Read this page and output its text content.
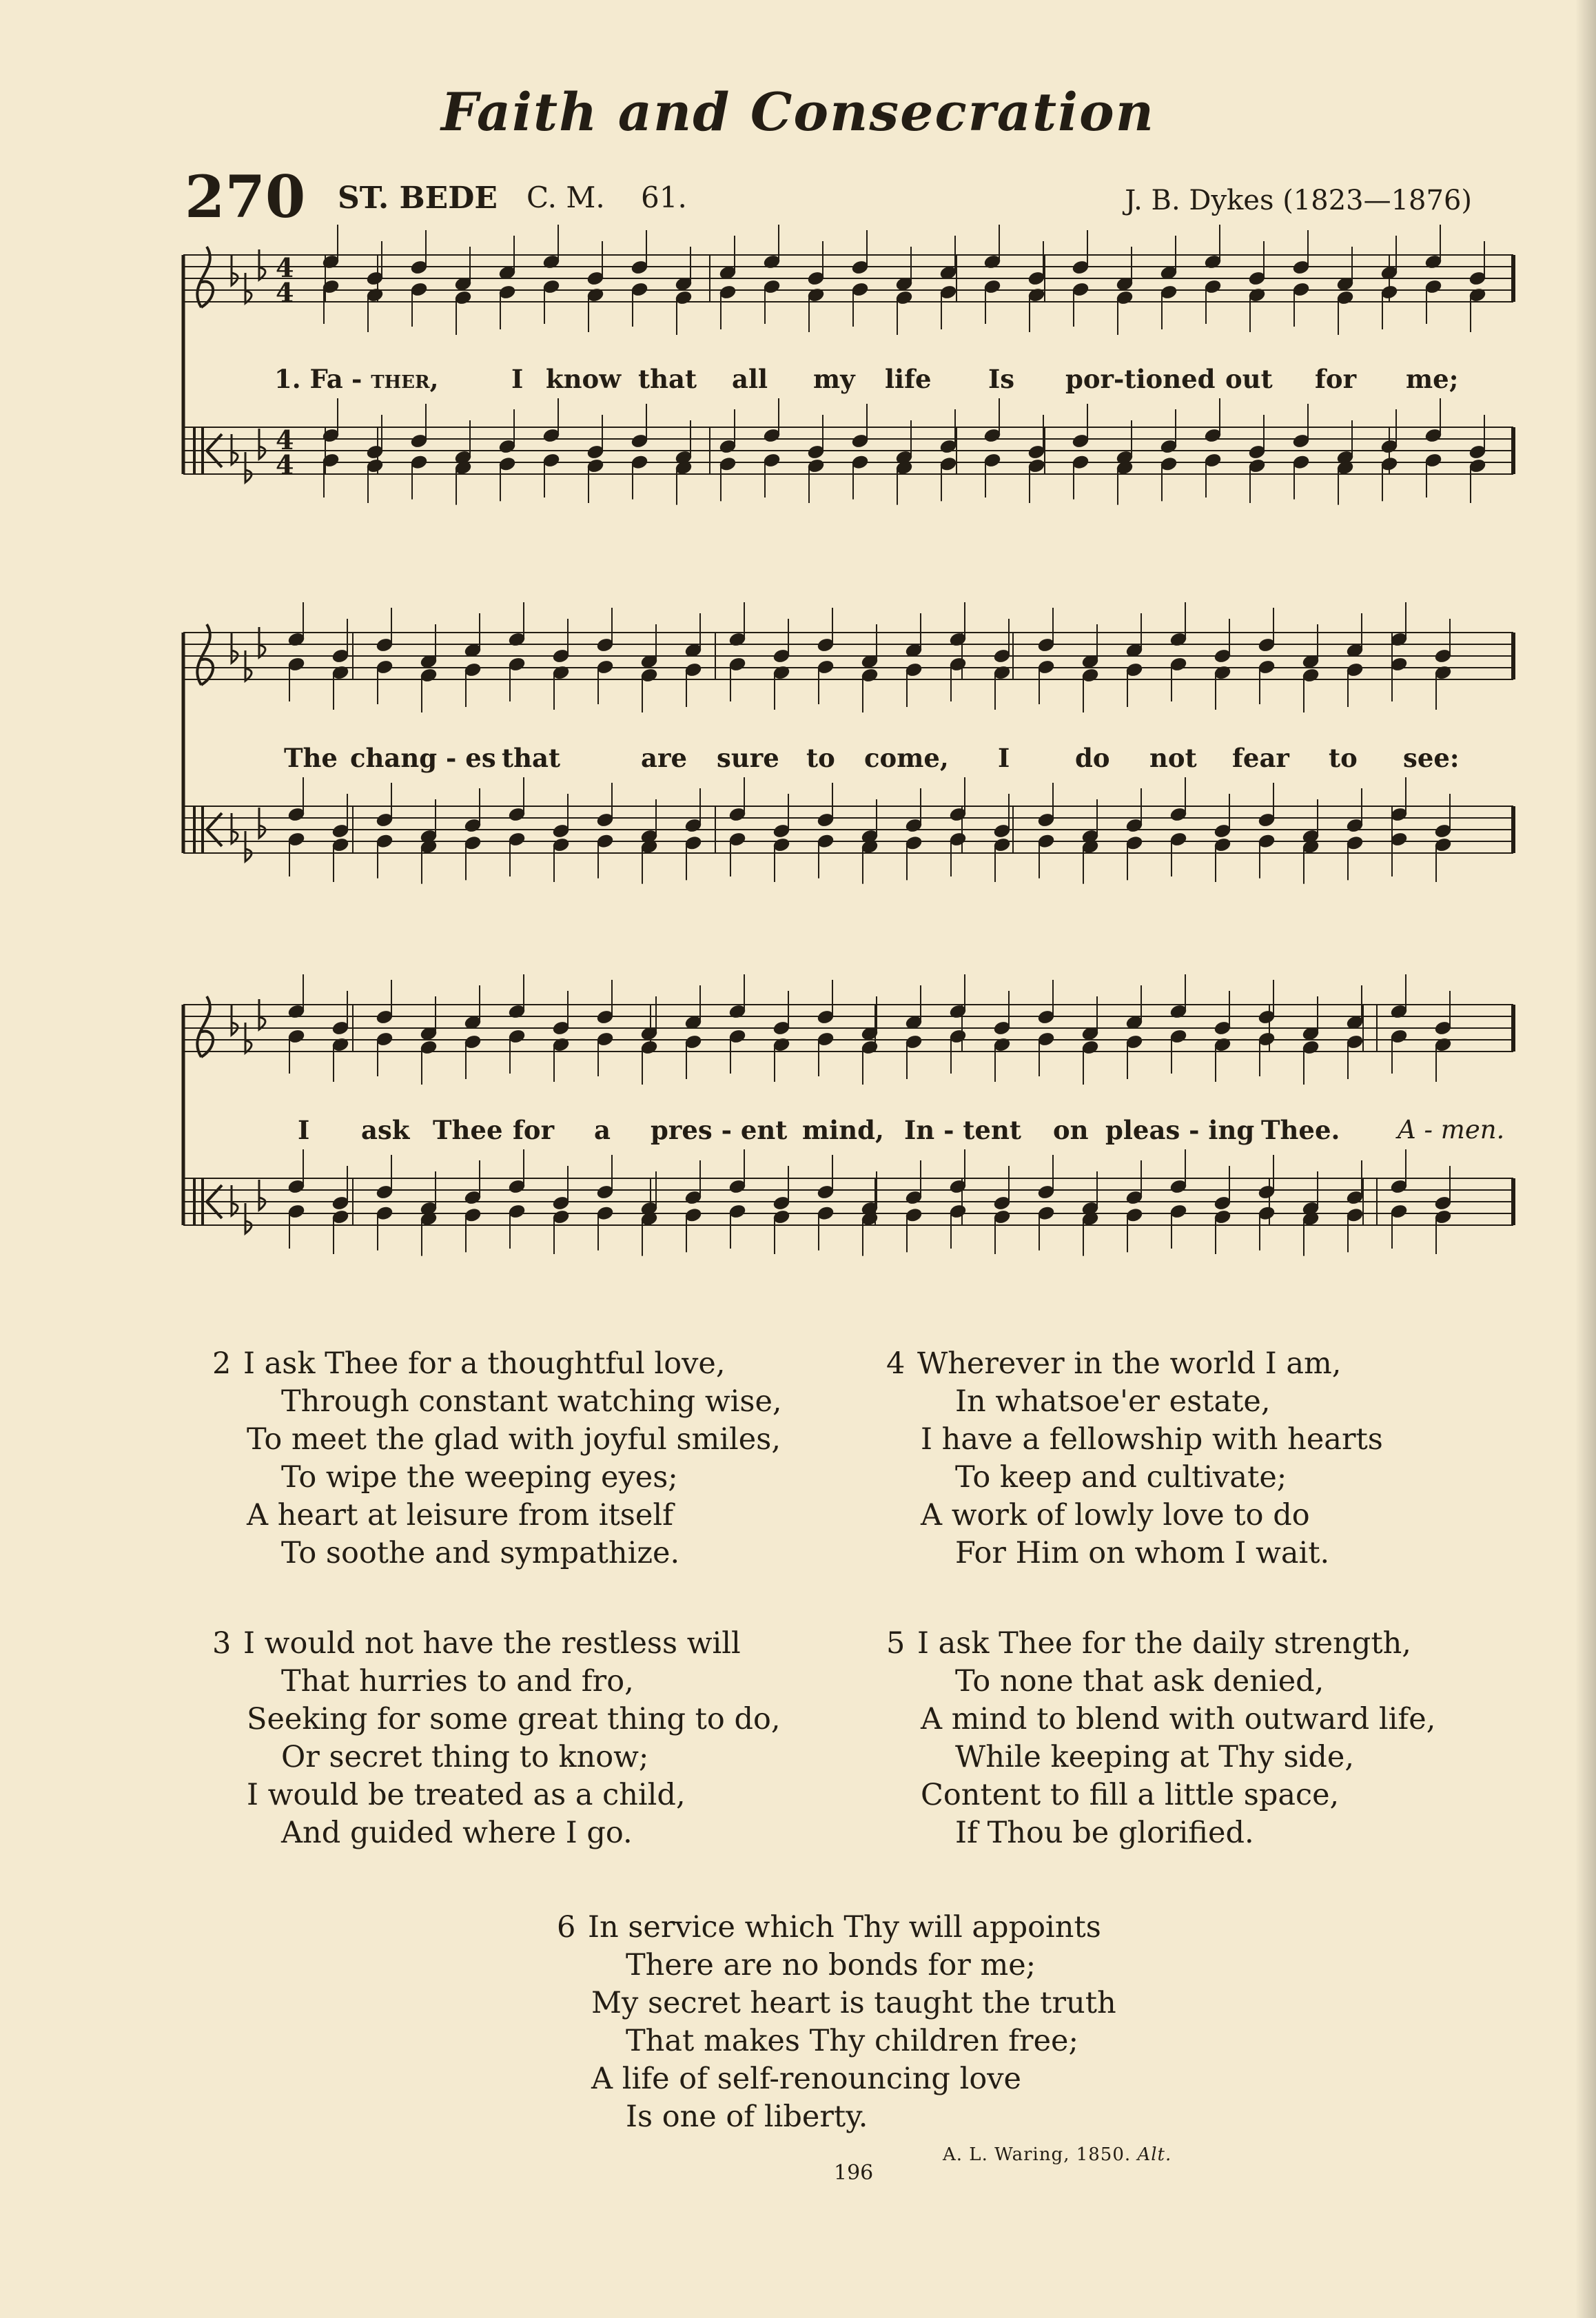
Faith and Consecration
270 ST. BEDE C. M. 61.	J. B. Dykes (1823—1876)
4
4
4
4
1. Fa - ther,	I know that all my life Is por-tioned out for me;
The chang - es that	are sure to come, I	do not fear to see:
I ask Thee for a pres - ent mind, In - tent on pleas - ing Thee. A - men.
2 I ask Thee for a thoughtful love,
Through constant watching wise,
To meet the glad with joyful smiles,
To wipe the weeping eyes;
A heart at leisure from itself
To soothe and sympathize.
3 I would not have the restless will
That hurries to and fro,
Seeking for some great thing to do,
Or secret thing to know;
I would be treated as a child,
And guided where I go.
4 Wherever in the world I am,
In whatsoe'er estate,
I have a fellowship with hearts
To keep and cultivate;
A work of lowly love to do
For Him on whom I wait.
5 I ask Thee for the daily strength,
To none that ask denied,
A mind to blend with outward life,
While keeping at Thy side,
Content to fill a little space,
If Thou be glorified.
6 In service which Thy will appoints
There are no bonds for me;
My secret heart is taught the truth
That makes Thy children free;
A life of self-renouncing love
Is one of liberty.
A. L. Waring, 1850. Alt.
196
